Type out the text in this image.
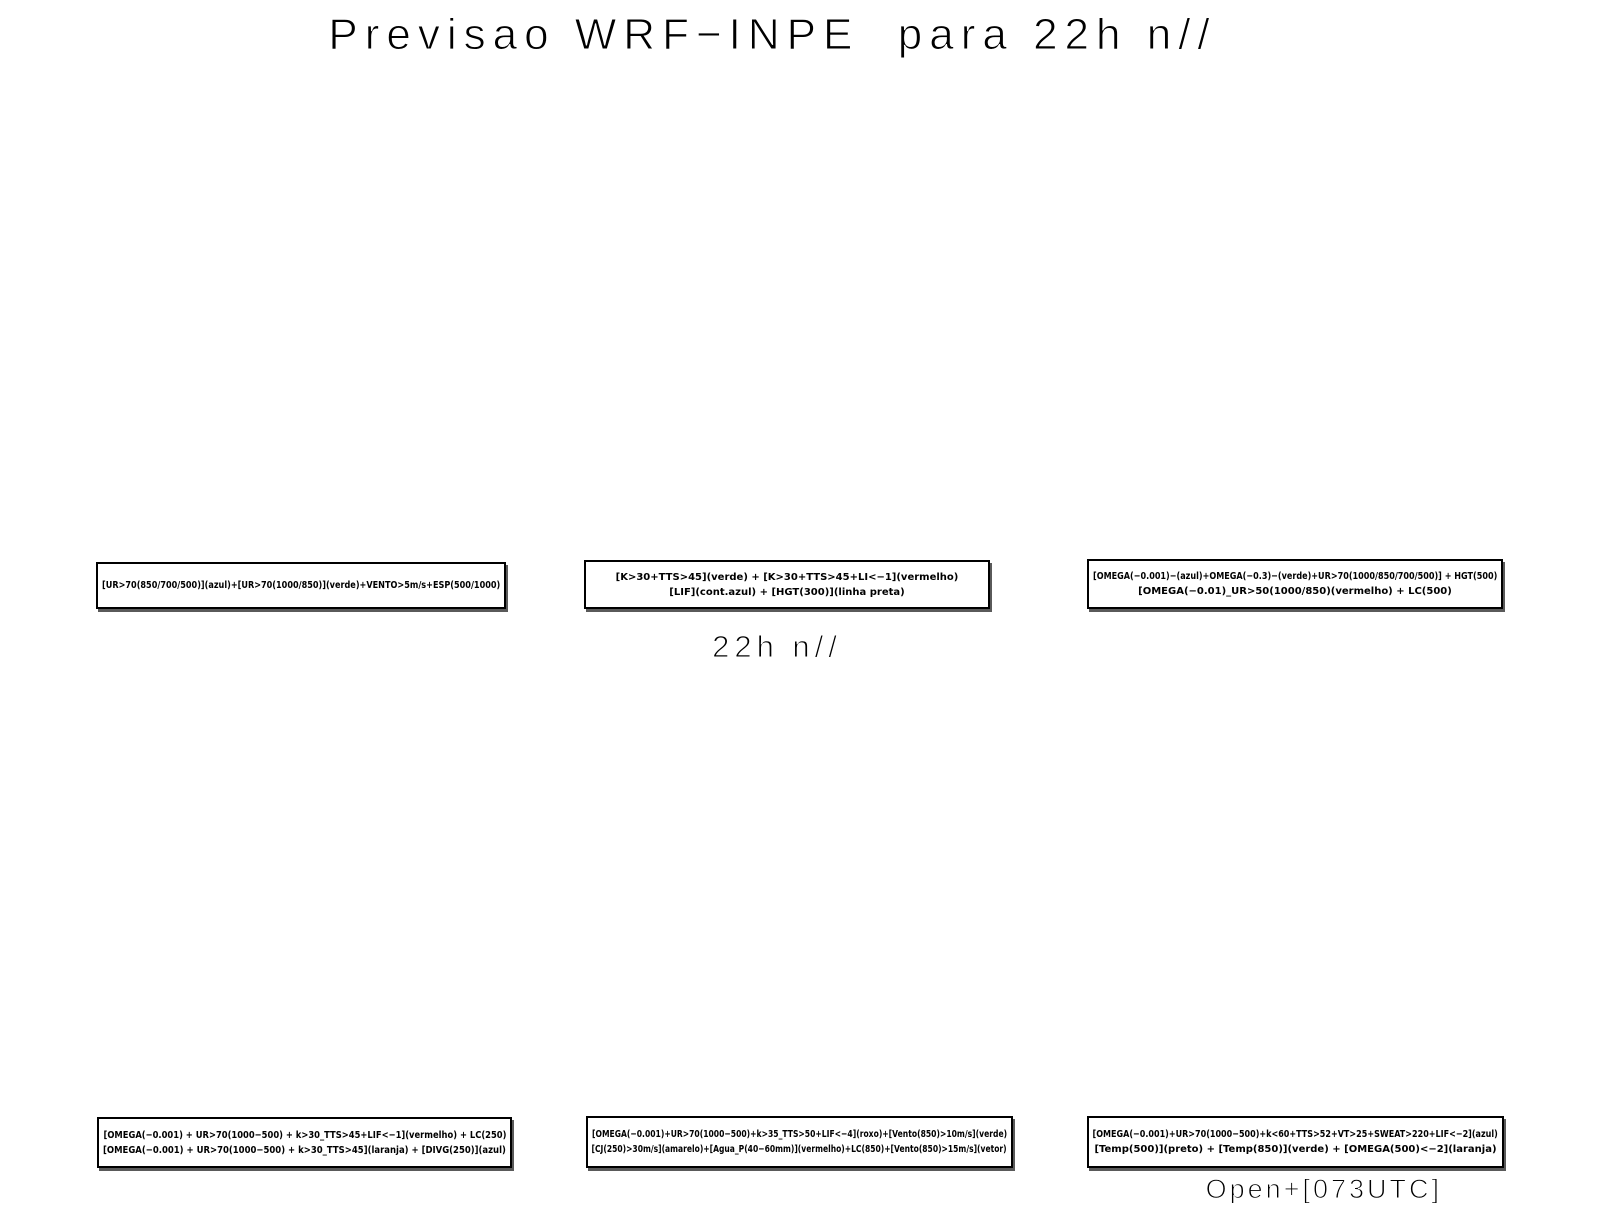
Previsao WRF−INPE  para 22h n//
[UR>70(850/700/500)](azul)+[UR>70(1000/850)](verde)+VENTO>5m/s+ESP(500/1000)
[K>30+TTS>45](verde) + [K>30+TTS>45+LI<−1](vermelho)
[LIF](cont.azul) + [HGT(300)](linha preta)
[OMEGA(−0.001)−(azul)+OMEGA(−0.3)−(verde)+UR>70(1000/850/700/500)] + HGT(500)
[OMEGA(−0.01)_UR>50(1000/850)(vermelho) + LC(500)
22h n//
[OMEGA(−0.001) + UR>70(1000−500) + k>30_TTS>45+LIF<−1](vermelho) + LC(250)
[OMEGA(−0.001) + UR>70(1000−500) + k>30_TTS>45](laranja) + [DIVG(250)](azul)
[OMEGA(−0.001)+UR>70(1000−500)+k>35_TTS>50+LIF<−4](roxo)+[Vento(850)>10m/s](verde)
[CJ(250)>30m/s](amarelo)+[Agua_P(40−60mm)](vermelho)+LC(850)+[Vento(850)>15m/s](vetor)
[OMEGA(−0.001)+UR>70(1000−500)+k<60+TTS>52+VT>25+SWEAT>220+LIF<−2](azul)
[Temp(500)](preto) + [Temp(850)](verde) + [OMEGA(500)<−2](laranja)
Open+[073UTC]
